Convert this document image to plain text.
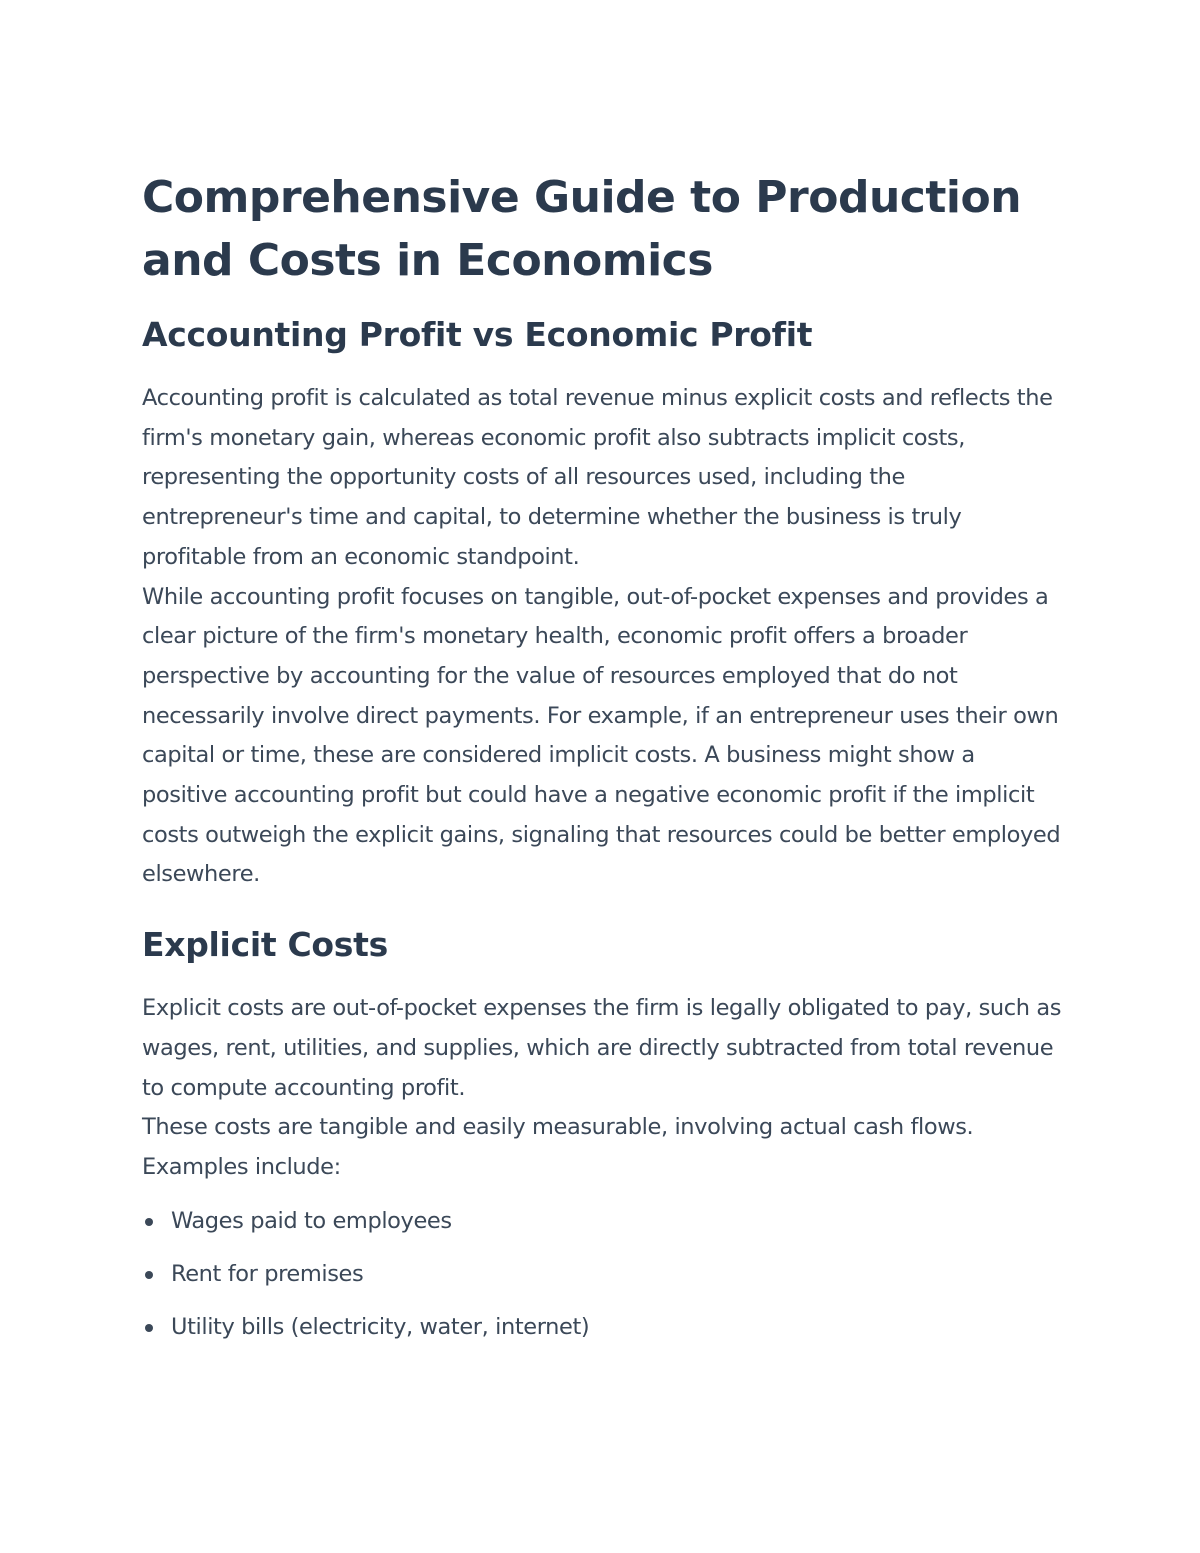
Comprehensive Guide to Production and Costs in Economics
Accounting Profit vs Economic Profit

Accounting profit is calculated as total revenue minus explicit costs and reflects the firm's monetary gain, whereas economic profit also subtracts implicit costs, representing the opportunity costs of all resources used, including the entrepreneur's time and capital, to determine whether the business is truly profitable from an economic standpoint.

While accounting profit focuses on tangible, out-of-pocket expenses and provides a clear picture of the firm's monetary health, economic profit offers a broader perspective by accounting for the value of resources employed that do not necessarily involve direct payments. For example, if an entrepreneur uses their own capital or time, these are considered implicit costs. A business might show a positive accounting profit but could have a negative economic profit if the implicit costs outweigh the explicit gains, signaling that resources could be better employed elsewhere.

Explicit Costs

Explicit costs are out-of-pocket expenses the firm is legally obligated to pay, such as wages, rent, utilities, and supplies, which are directly subtracted from total revenue to compute accounting profit.

These costs are tangible and easily measurable, involving actual cash flows. Examples include:

Wages paid to employees
Rent for premises
Utility bills (electricity, water, internet)
